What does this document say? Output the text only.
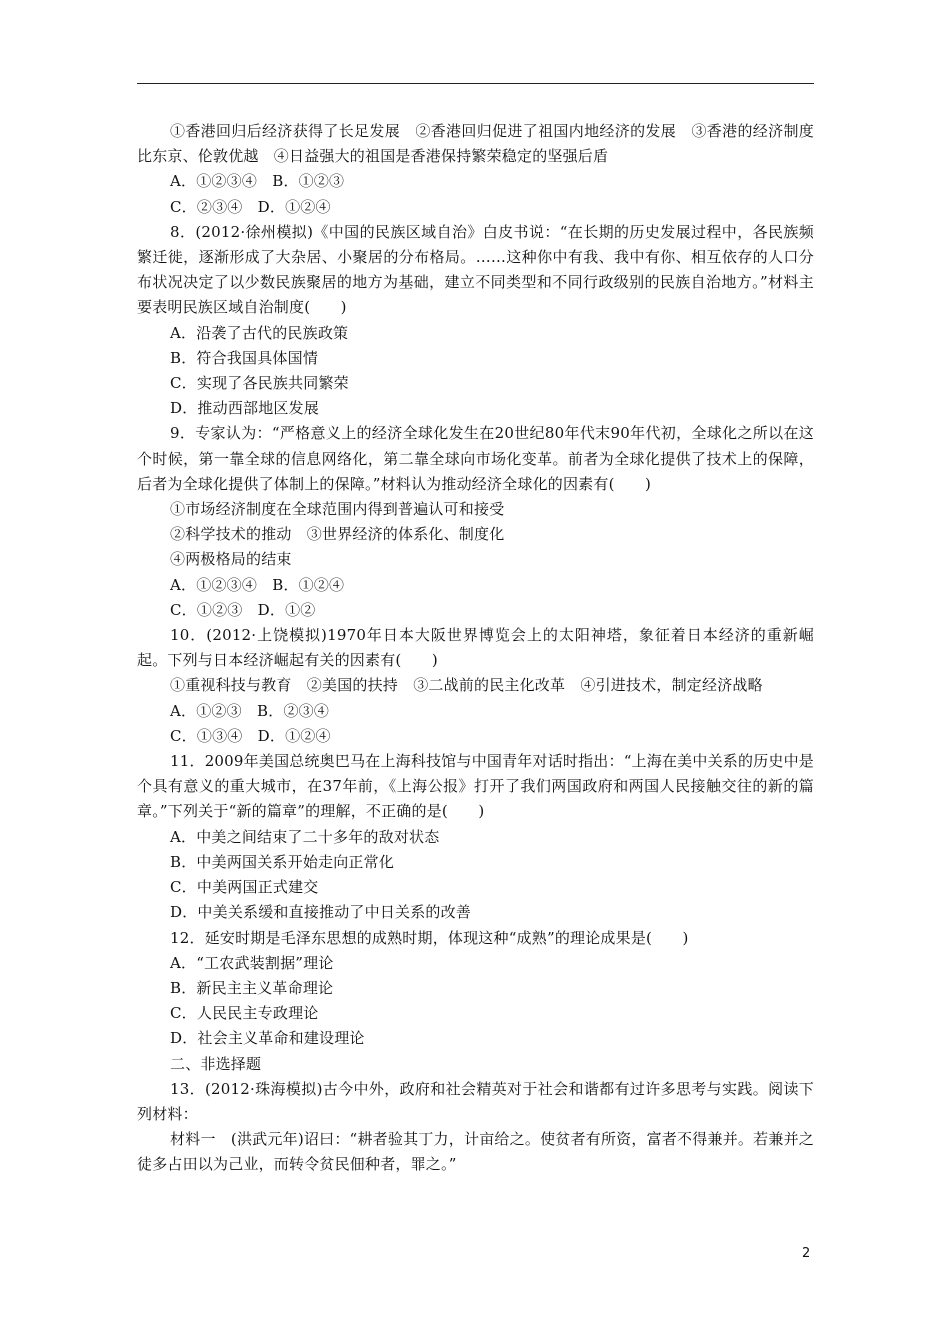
①香港回归后经济获得了长足发展　②香港回归促进了祖国内地经济的发展　③香港的经济制度比东京、伦敦优越　④日益强大的祖国是香港保持繁荣稳定的坚强后盾

A．①②③④　B．①②③

C．②③④　D．①②④

8．(2012·徐州模拟)《中国的民族区域自治》白皮书说：“在长期的历史发展过程中，各民族频繁迁徙，逐渐形成了大杂居、小聚居的分布格局。……这种你中有我、我中有你、相互依存的人口分布状况决定了以少数民族聚居的地方为基础，建立不同类型和不同行政级别的民族自治地方。”材料主要表明民族区域自治制度(　　)

A．沿袭了古代的民族政策

B．符合我国具体国情

C．实现了各民族共同繁荣

D．推动西部地区发展

9．专家认为：“严格意义上的经济全球化发生在20世纪80年代末90年代初，全球化之所以在这个时候，第一靠全球的信息网络化，第二靠全球向市场化变革。前者为全球化提供了技术上的保障，后者为全球化提供了体制上的保障。”材料认为推动经济全球化的因素有(　　)

①市场经济制度在全球范围内得到普遍认可和接受

②科学技术的推动　③世界经济的体系化、制度化

④两极格局的结束

A．①②③④　B．①②④

C．①②③　D．①②

10．(2012·上饶模拟)1970年日本大阪世界博览会上的太阳神塔，象征着日本经济的重新崛起。下列与日本经济崛起有关的因素有(　　)

①重视科技与教育　②美国的扶持　③二战前的民主化改革　④引进技术，制定经济战略

A．①②③　B．②③④

C．①③④　D．①②④

11．2009年美国总统奥巴马在上海科技馆与中国青年对话时指出：“上海在美中关系的历史中是个具有意义的重大城市，在37年前，《上海公报》打开了我们两国政府和两国人民接触交往的新的篇章。”下列关于“新的篇章”的理解，不正确的是(　　)

A．中美之间结束了二十多年的敌对状态

B．中美两国关系开始走向正常化

C．中美两国正式建交

D．中美关系缓和直接推动了中日关系的改善

12．延安时期是毛泽东思想的成熟时期，体现这种“成熟”的理论成果是(　　)

A．“工农武装割据”理论

B．新民主主义革命理论

C．人民民主专政理论

D．社会主义革命和建设理论

二、非选择题

13．(2012·珠海模拟)古今中外，政府和社会精英对于社会和谐都有过许多思考与实践。阅读下列材料：

材料一　(洪武元年)诏曰：“耕者验其丁力，计亩给之。使贫者有所资，富者不得兼并。若兼并之徒多占田以为己业，而转令贫民佃种者，罪之。”

2
